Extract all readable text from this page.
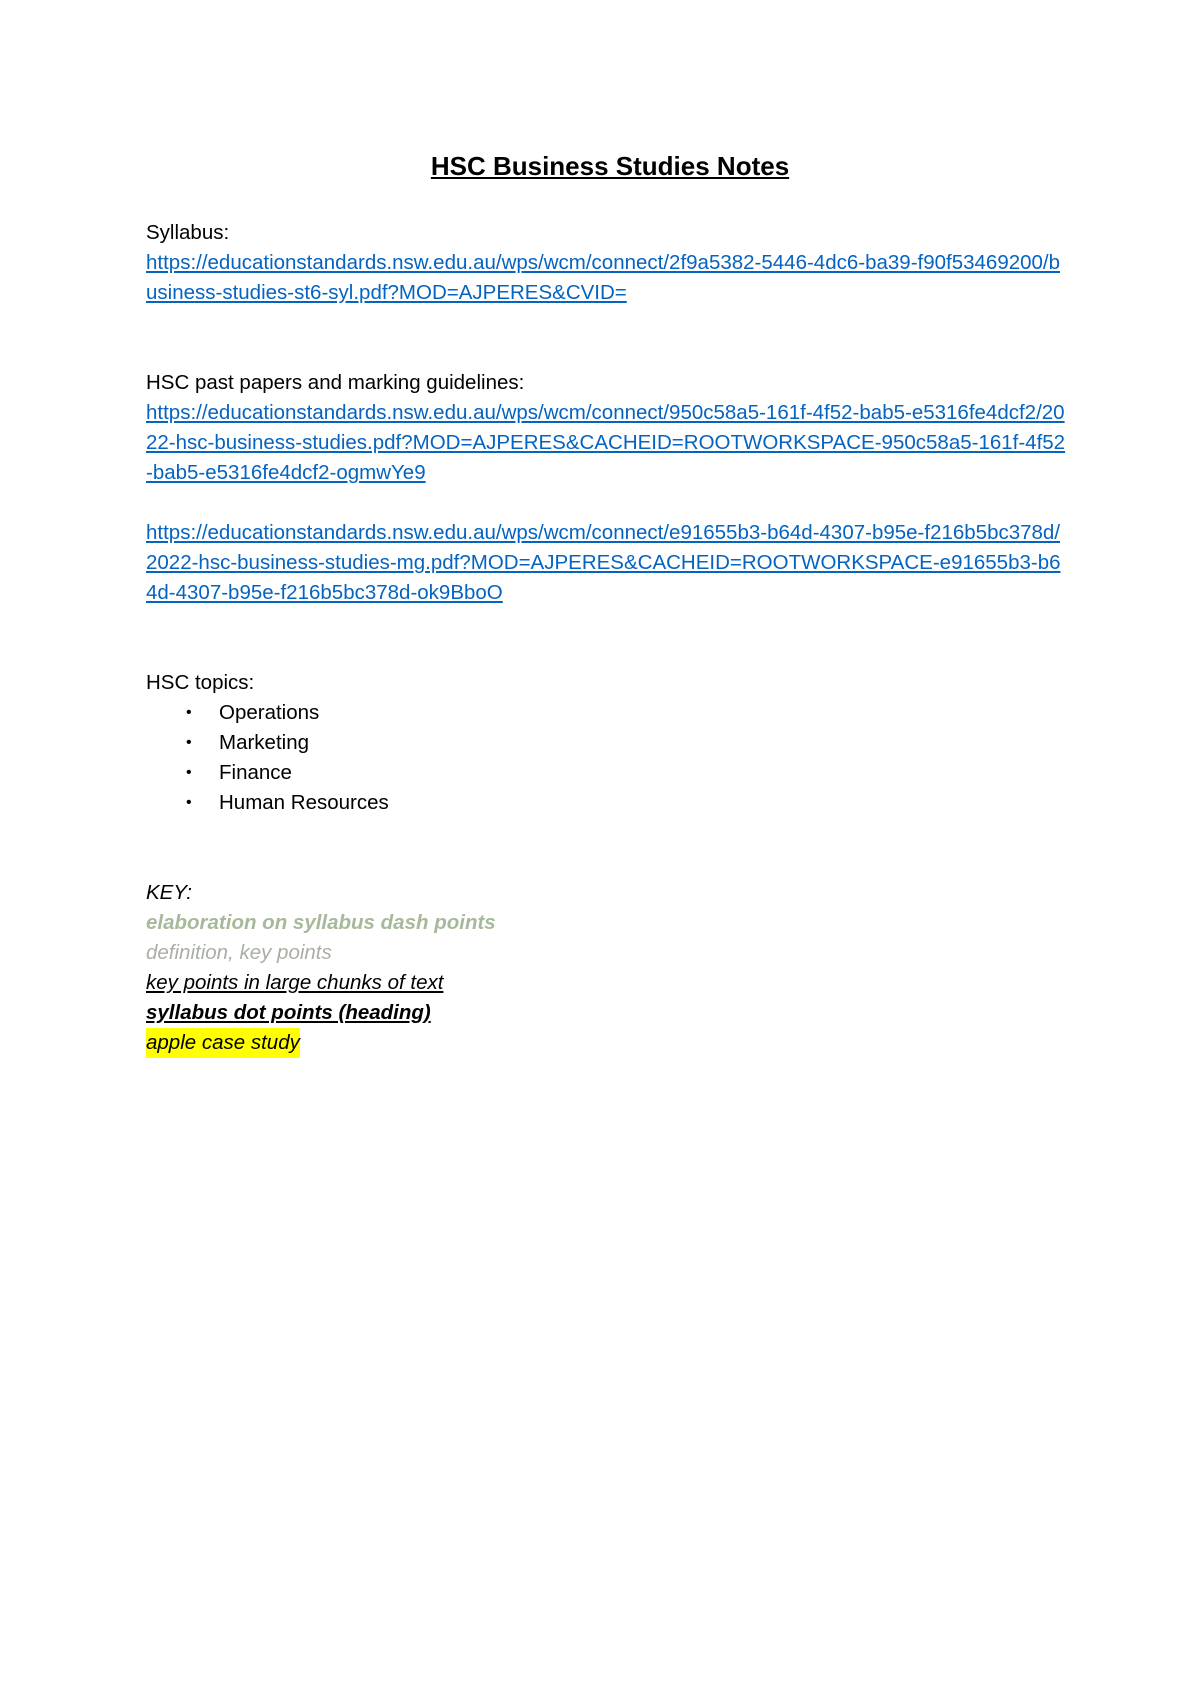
HSC Business Studies Notes
Syllabus:
https://educationstandards.nsw.edu.au/wps/wcm/connect/2f9a5382-5446-4dc6-ba39-f90f53469200/business-studies-st6-syl.pdf?MOD=AJPERES&CVID=
HSC past papers and marking guidelines:
https://educationstandards.nsw.edu.au/wps/wcm/connect/950c58a5-161f-4f52-bab5-e5316fe4dcf2/2022-hsc-business-studies.pdf?MOD=AJPERES&CACHEID=ROOTWORKSPACE-950c58a5-161f-4f52-bab5-e5316fe4dcf2-ogmwYe9
https://educationstandards.nsw.edu.au/wps/wcm/connect/e91655b3-b64d-4307-b95e-f216b5bc378d/2022-hsc-business-studies-mg.pdf?MOD=AJPERES&CACHEID=ROOTWORKSPACE-e91655b3-b64d-4307-b95e-f216b5bc378d-ok9BboO
HSC topics:
• Operations
• Marketing
• Finance
• Human Resources
KEY:
elaboration on syllabus dash points
definition, key points
key points in large chunks of text
syllabus dot points (heading)
apple case study
